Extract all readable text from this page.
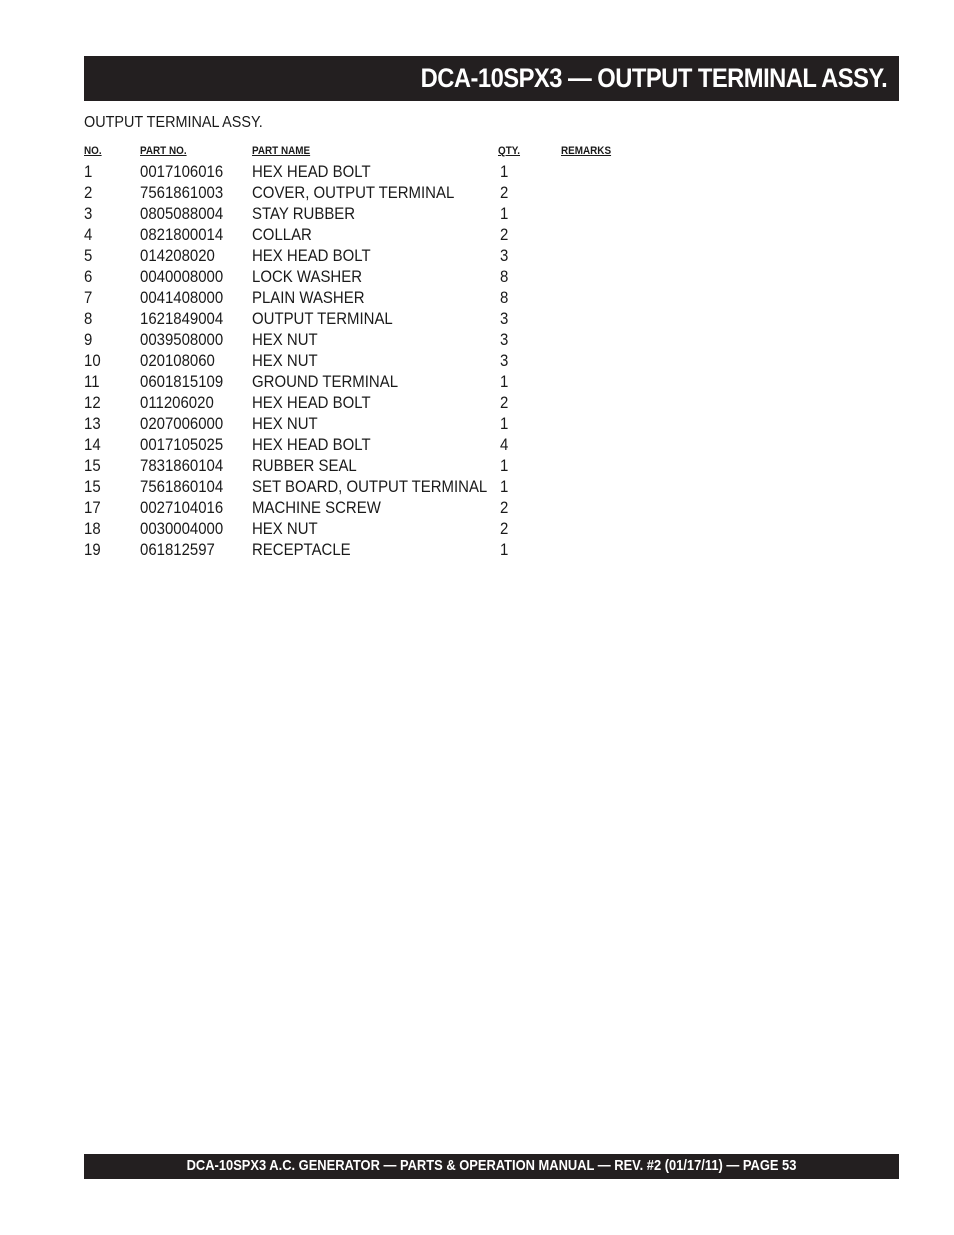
DCA-10SPX3 — OUTPUT TERMINAL ASSY.
OUTPUT TERMINAL ASSY.
NO.	PART NO.	PART NAME	QTY.	REMARKS
1	0017106016 HEX HEAD BOLT	1
2	7561861003 COVER, OUTPUT TERMINAL	2
3	0805088004 STAY RUBBER	1
4	0821800014 COLLAR	2
5	014208020 HEX HEAD BOLT	3
6	0040008000 LOCK WASHER	8
7	0041408000 PLAIN WASHER	8
8	1621849004 OUTPUT TERMINAL	3
9	0039508000 HEX NUT	3
10 020108060 HEX NUT	3
11 0601815109 GROUND TERMINAL	1
12 011206020 HEX HEAD BOLT	2
13 0207006000 HEX NUT	1
14 0017105025 HEX HEAD BOLT	4
15 7831860104 RUBBER SEAL	1
15 7561860104 SET BOARD, OUTPUT TERMINAL 1
17 0027104016 MACHINE SCREW	2
18 0030004000 HEX NUT	2
19 061812597 RECEPTACLE	1
DCA-10SPX3 A.C. GENERATOR — PARTS & OPERATION MANUAL — REV. #2 (01/17/11) — PAGE 53
